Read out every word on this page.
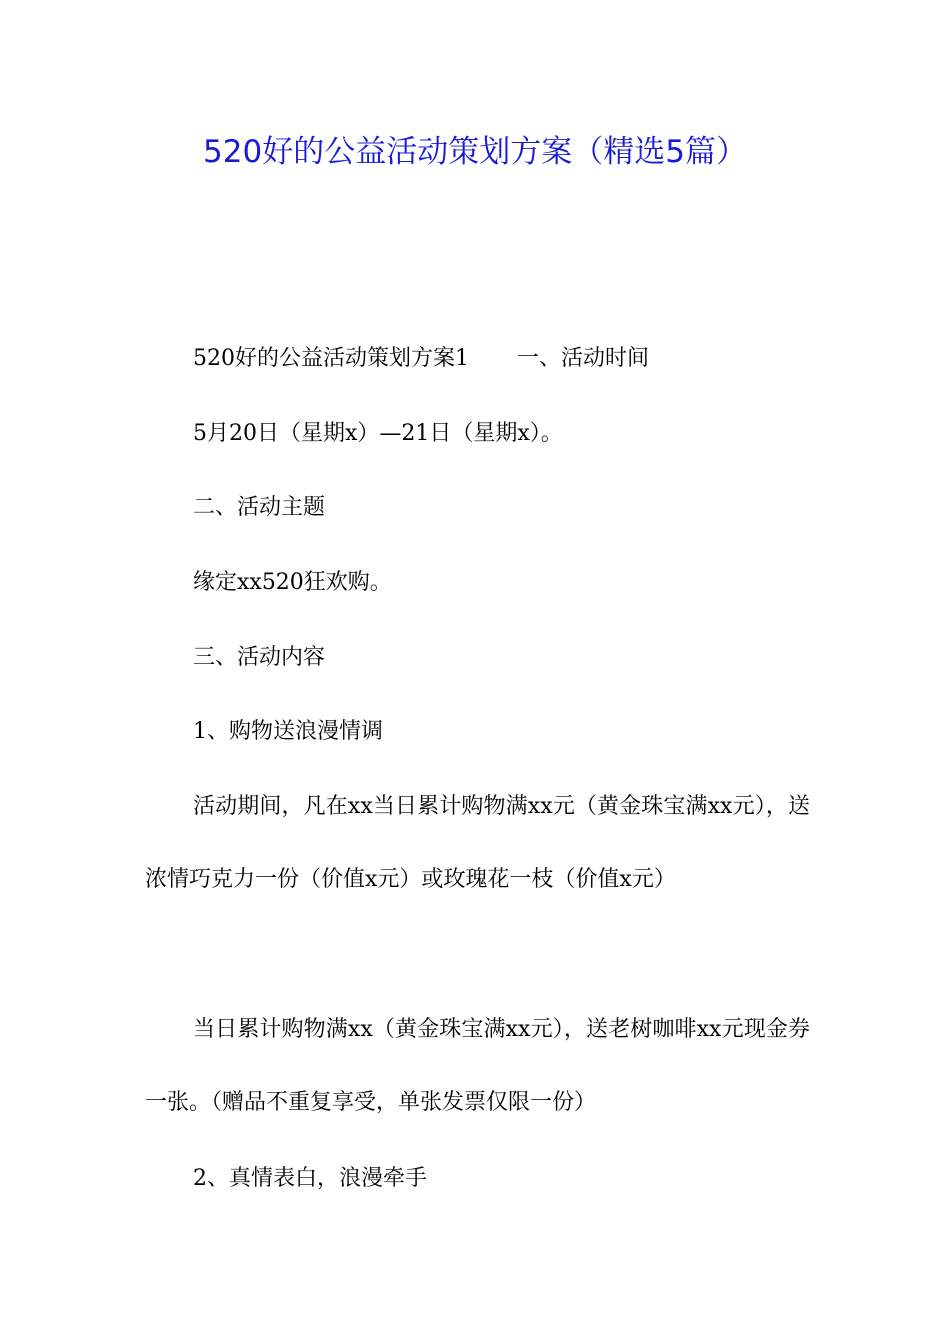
520好的公益活动策划方案（精选5篇）
520好的公益活动策划方案1 一、活动时间
5月20日（星期x）—21日（星期x）。
二、活动主题
缘定xx520狂欢购。
三、活动内容
1、购物送浪漫情调
活动期间，凡在xx当日累计购物满xx元（黄金珠宝满xx元），送浓情巧克力一份（价值x元）或玫瑰花一枝（价值x元）
当日累计购物满xx（黄金珠宝满xx元），送老树咖啡xx元现金券一张。（赠品不重复享受，单张发票仅限一份）
2、真情表白，浪漫牵手
